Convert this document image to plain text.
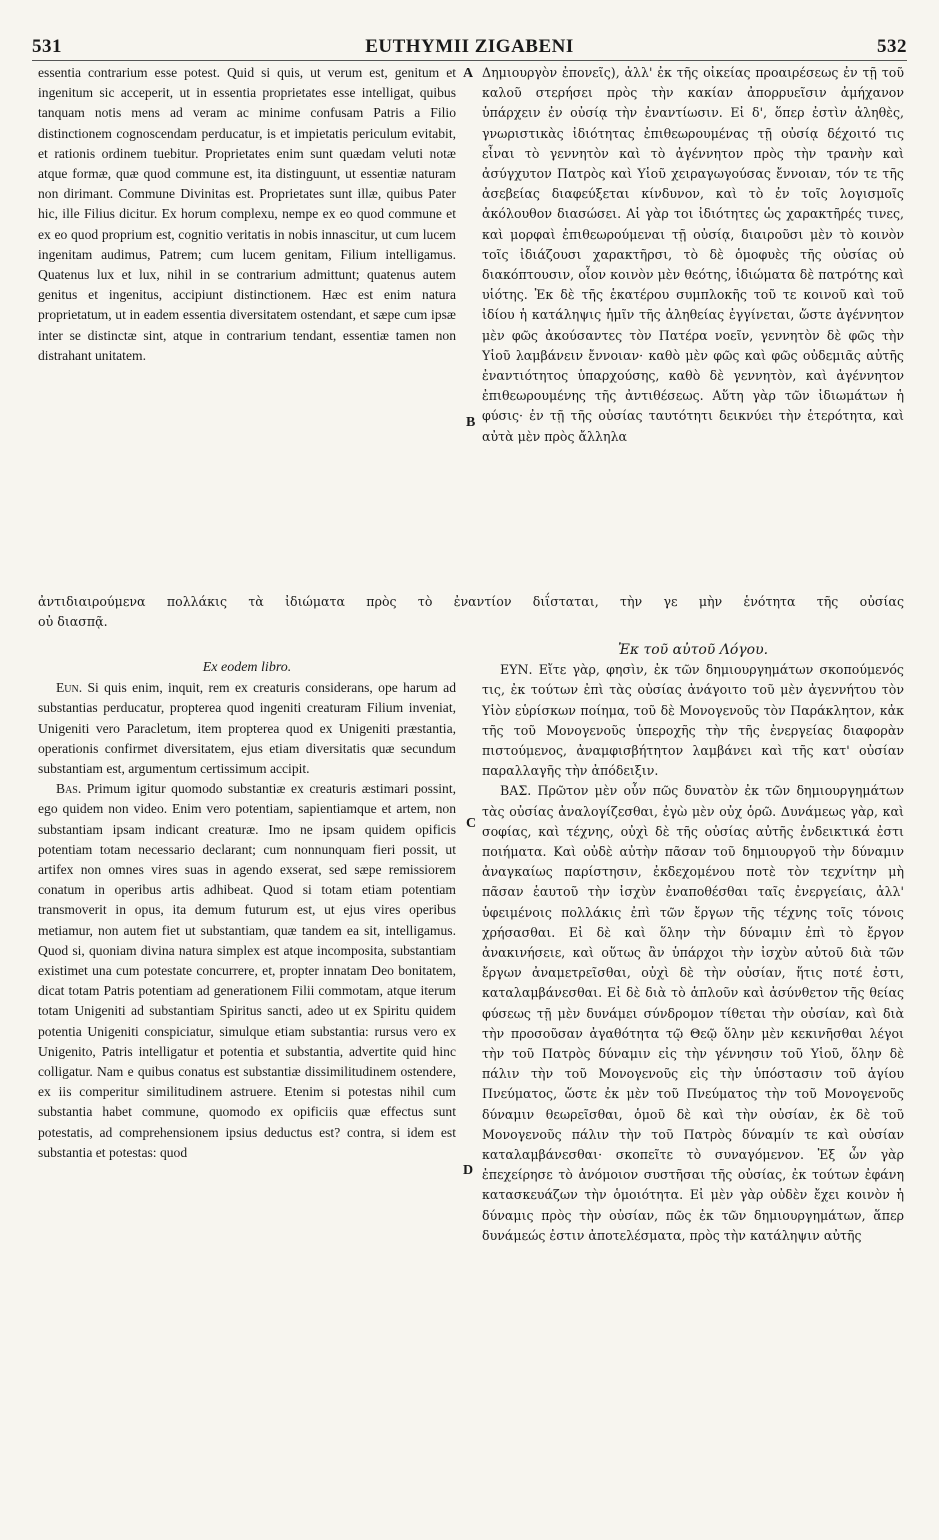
531	EUTHYMII ZIGABENI	532
A
B
C
D

essentia contrarium esse potest. Quid si quis, ut verum est, genitum et ingenitum sic acceperit, ut in essentia proprietates esse intelligat, quibus tanquam notis mens ad veram ac minime confusam Patris a Filio distinctionem cognoscendam perducatur, is et impietatis periculum evitabit, et rationis ordinem tuebitur. Proprietates enim sunt quædam veluti notæ atque formæ, quæ quod commune est, ita distinguunt, ut essentiæ naturam non dirimant. Commune Divinitas est. Proprietates sunt illæ, quibus Pater hic, ille Filius dicitur. Ex horum complexu, nempe ex eo quod commune et ex eo quod proprium est, cognitio veritatis in nobis innascitur, ut cum lucem ingenitam audimus, Patrem; cum lucem genitam, Filium intelligamus. Quatenus lux et lux, nihil in se contrarium admittunt; quatenus autem genitus et ingenitus, accipiunt distinctionem. Hæc est enim natura proprietatum, ut in eadem essentia diversitatem ostendant, et sæpe cum ipsæ inter se distinctæ sint, atque in contrarium tendant, essentiæ tamen non distrahant unitatem.

Δημιουργὸν ἐπονεῖς), ἀλλ' ἐκ τῆς οἰκείας προαιρέσεως ἐν τῇ τοῦ καλοῦ στερήσει πρὸς τὴν κακίαν ἀπορρυεῖσιν ἀμήχανον ὑπάρχειν ἐν οὐσίᾳ τὴν ἐναντίωσιν. Εἰ δ', ὅπερ ἐστὶν ἀληθὲς, γνωριστικὰς ἰδιότητας ἐπιθεωρουμένας τῇ οὐσίᾳ δέχοιτό τις εἶναι τὸ γεννητὸν καὶ τὸ ἀγέννητον πρὸς τὴν τρανὴν καὶ ἀσύγχυτον Πατρὸς καὶ Υἱοῦ χειραγωγούσας ἔννοιαν, τόν τε τῆς ἀσεβείας διαφεύξεται κίνδυνον, καὶ τὸ ἐν τοῖς λογισμοῖς ἀκόλουθον διασώσει. Αἱ γὰρ τοι ἰδιότητες ὡς χαρακτῆρές τινες, καὶ μορφαὶ ἐπιθεωρούμεναι τῇ οὐσίᾳ, διαιροῦσι μὲν τὸ κοινὸν τοῖς ἰδιάζουσι χαρακτῆρσι, τὸ δὲ ὁμοφυὲς τῆς οὐσίας οὐ διακόπτουσιν, οἷον κοινὸν μὲν θεότης, ἰδιώματα δὲ πατρότης καὶ υἱότης. Ἐκ δὲ τῆς ἑκατέρου συμπλοκῆς τοῦ τε κοινοῦ καὶ τοῦ ἰδίου ἡ κατάληψις ἡμῖν τῆς ἀληθείας ἐγγίνεται, ὥστε ἀγέννητον μὲν φῶς ἀκούσαντες τὸν Πατέρα νοεῖν, γεννητὸν δὲ φῶς τὴν Υἱοῦ λαμβάνειν ἔννοιαν· καθὸ μὲν φῶς καὶ φῶς οὐδεμιᾶς αὐτῆς ἐναντιότητος ὑπαρχούσης, καθὸ δὲ γεννητὸν, καὶ ἀγέννητον ἐπιθεωρουμένης τῆς ἀντιθέσεως. Αὕτη γὰρ τῶν ἰδιωμάτων ἡ φύσις· ἐν τῇ τῆς οὐσίας ταυτότητι δεικνύει τὴν ἑτερότητα, καὶ αὐτὰ μὲν πρὸς ἄλληλα

ἀντιδιαιρούμενα πολλάκις τὰ ἰδιώματα πρὸς τὸ ἐναντίον διΐσταται, τὴν γε μὴν ἑνότητα τῆς οὐσίας

οὐ διασπᾷ.

Ex eodem libro.

Eun. Si quis enim, inquit, rem ex creaturis considerans, ope harum ad substantias perducatur, propterea quod ingeniti creaturam Filium inveniat, Unigeniti vero Paracletum, item propterea quod ex Unigeniti præstantia, operationis confirmet diversitatem, ejus etiam diversitatis quæ secundum substantiam est, argumentum certissimum accipit.

Bas. Primum igitur quomodo substantiæ ex creaturis æstimari possint, ego quidem non video. Enim vero potentiam, sapientiamque et artem, non substantiam ipsam indicant creaturæ. Imo ne ipsam quidem opificis potentiam totam necessario declarant; cum nonnunquam fieri possit, ut artifex non omnes vires suas in agendo exserat, sed sæpe remissiorem conatum in operibus artis adhibeat. Quod si totam etiam potentiam transmoverit in opus, ita demum futurum est, ut ejus vires operibus metiamur, non autem fiet ut substantiam, quæ tandem ea sit, intelligamus. Quod si, quoniam divina natura simplex est atque incomposita, substantiam existimet una cum potestate concurrere, et, propter innatam Deo bonitatem, dicat totam Patris potentiam ad generationem Filii commotam, atque iterum totam Unigeniti ad substantiam Spiritus sancti, adeo ut ex Spiritu quidem potentia Unigeniti conspiciatur, simulque etiam substantia: rursus vero ex Unigenito, Patris intelligatur et potentia et substantia, advertite quid hinc colligatur. Nam e quibus conatus est substantiæ dissimilitudinem ostendere, ex iis comperitur similitudinem astruere. Etenim si potestas nihil cum substantia habet commune, quomodo ex opificiis quæ effectus sunt potestatis, ad comprehensionem ipsius deductus est? contra, si idem est substantia et potestas: quod

Ἐκ τοῦ αὐτοῦ Λόγου.

ΕΥΝ. Εἴτε γὰρ, φησὶν, ἐκ τῶν δημιουργημάτων σκοπούμενός τις, ἐκ τούτων ἐπὶ τὰς οὐσίας ἀνάγοιτο τοῦ μὲν ἀγεννήτου τὸν Υἱὸν εὑρίσκων ποίημα, τοῦ δὲ Μονογενοῦς τὸν Παράκλητον, κἀκ τῆς τοῦ Μονογενοῦς ὑπεροχῆς τὴν τῆς ἐνεργείας διαφορὰν πιστούμενος, ἀναμφισβήτητον λαμβάνει καὶ τῆς κατ' οὐσίαν παραλλαγῆς τὴν ἀπόδειξιν.

ΒΑΣ. Πρῶτον μὲν οὖν πῶς δυνατὸν ἐκ τῶν δημιουργημάτων τὰς οὐσίας ἀναλογίζεσθαι, ἐγὼ μὲν οὐχ ὁρῶ. Δυνάμεως γὰρ, καὶ σοφίας, καὶ τέχνης, οὐχὶ δὲ τῆς οὐσίας αὐτῆς ἐνδεικτικά ἐστι ποιήματα. Καὶ οὐδὲ αὐτὴν πᾶσαν τοῦ δημιουργοῦ τὴν δύναμιν ἀναγκαίως παρίστησιν, ἐκδεχομένου ποτὲ τὸν τεχνίτην μὴ πᾶσαν ἑαυτοῦ τὴν ἰσχὺν ἐναποθέσθαι ταῖς ἐνεργείαις, ἀλλ' ὑφειμένοις πολλάκις ἐπὶ τῶν ἔργων τῆς τέχνης τοῖς τόνοις χρήσασθαι. Εἰ δὲ καὶ ὅλην τὴν δύναμιν ἐπὶ τὸ ἔργον ἀνακινήσειε, καὶ οὕτως ἂν ὑπάρχοι τὴν ἰσχὺν αὐτοῦ διὰ τῶν ἔργων ἀναμετρεῖσθαι, οὐχὶ δὲ τὴν οὐσίαν, ἥτις ποτέ ἐστι, καταλαμβάνεσθαι. Εἰ δὲ διὰ τὸ ἁπλοῦν καὶ ἀσύνθετον τῆς θείας φύσεως τῇ μὲν δυνάμει σύνδρομον τίθεται τὴν οὐσίαν, καὶ διὰ τὴν προσοῦσαν ἀγαθότητα τῷ Θεῷ ὅλην μὲν κεκινῆσθαι λέγοι τὴν τοῦ Πατρὸς δύναμιν εἰς τὴν γέννησιν τοῦ Υἱοῦ, ὅλην δὲ πάλιν τὴν τοῦ Μονογενοῦς εἰς τὴν ὑπόστασιν τοῦ ἁγίου Πνεύματος, ὥστε ἐκ μὲν τοῦ Πνεύματος τὴν τοῦ Μονογενοῦς δύναμιν θεωρεῖσθαι, ὁμοῦ δὲ καὶ τὴν οὐσίαν, ἐκ δὲ τοῦ Μονογενοῦς πάλιν τὴν τοῦ Πατρὸς δύναμίν τε καὶ οὐσίαν καταλαμβάνεσθαι· σκοπεῖτε τὸ συναγόμενον. Ἐξ ὧν γὰρ ἐπεχείρησε τὸ ἀνόμοιον συστῆσαι τῆς οὐσίας, ἐκ τούτων ἐφάνη κατασκευάζων τὴν ὁμοιότητα. Εἰ μὲν γὰρ οὐδὲν ἔχει κοινὸν ἡ δύναμις πρὸς τὴν οὐσίαν, πῶς ἐκ τῶν δημιουργημάτων, ἅπερ δυνάμεώς ἐστιν ἀποτελέσματα, πρὸς τὴν κατάληψιν αὐτῆς
